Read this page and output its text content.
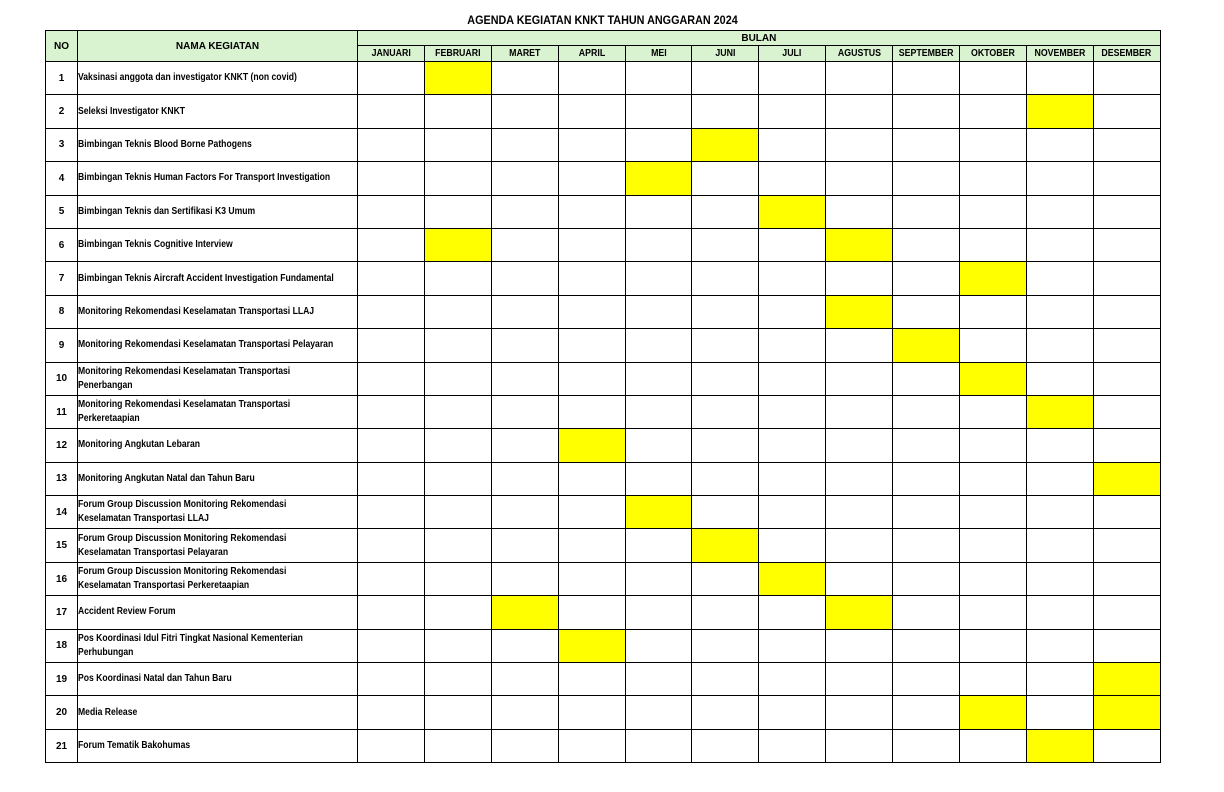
AGENDA KEGIATAN KNKT TAHUN ANGGARAN 2024
NO	NAMA KEGIATAN	BULAN											
		JANUARI	FEBRUARI	MARET	APRIL	MEI	JUNI	JULI	AGUSTUS	SEPTEMBER	OKTOBER	NOVEMBER	DESEMBER
1	Vaksinasi anggota dan investigator KNKT (non covid)												

2	Seleksi Investigator KNKT												

3	Bimbingan Teknis Blood Borne Pathogens												

4	Bimbingan Teknis Human Factors For Transport Investigation												

5	Bimbingan Teknis dan Sertifikasi K3 Umum												

6	Bimbingan Teknis Cognitive Interview												

7	Bimbingan Teknis Aircraft Accident Investigation Fundamental												

8	Monitoring Rekomendasi Keselamatan Transportasi LLAJ												

9	Monitoring Rekomendasi Keselamatan Transportasi Pelayaran												

10	Monitoring Rekomendasi Keselamatan Transportasi Penerbangan												

11	Monitoring Rekomendasi Keselamatan Transportasi Perkeretaapian												

12	Monitoring Angkutan Lebaran												

13	Monitoring Angkutan Natal dan Tahun Baru												

14	Forum Group Discussion Monitoring Rekomendasi Keselamatan Transportasi LLAJ												

15	Forum Group Discussion Monitoring Rekomendasi Keselamatan Transportasi Pelayaran												

16	Forum Group Discussion Monitoring Rekomendasi Keselamatan Transportasi Perkeretaapian												

17	Accident Review Forum												

18	Pos Koordinasi Idul Fitri Tingkat Nasional Kementerian Perhubungan												

19	Pos Koordinasi Natal dan Tahun Baru												

20	Media Release												

21	Forum Tematik Bakohumas												
